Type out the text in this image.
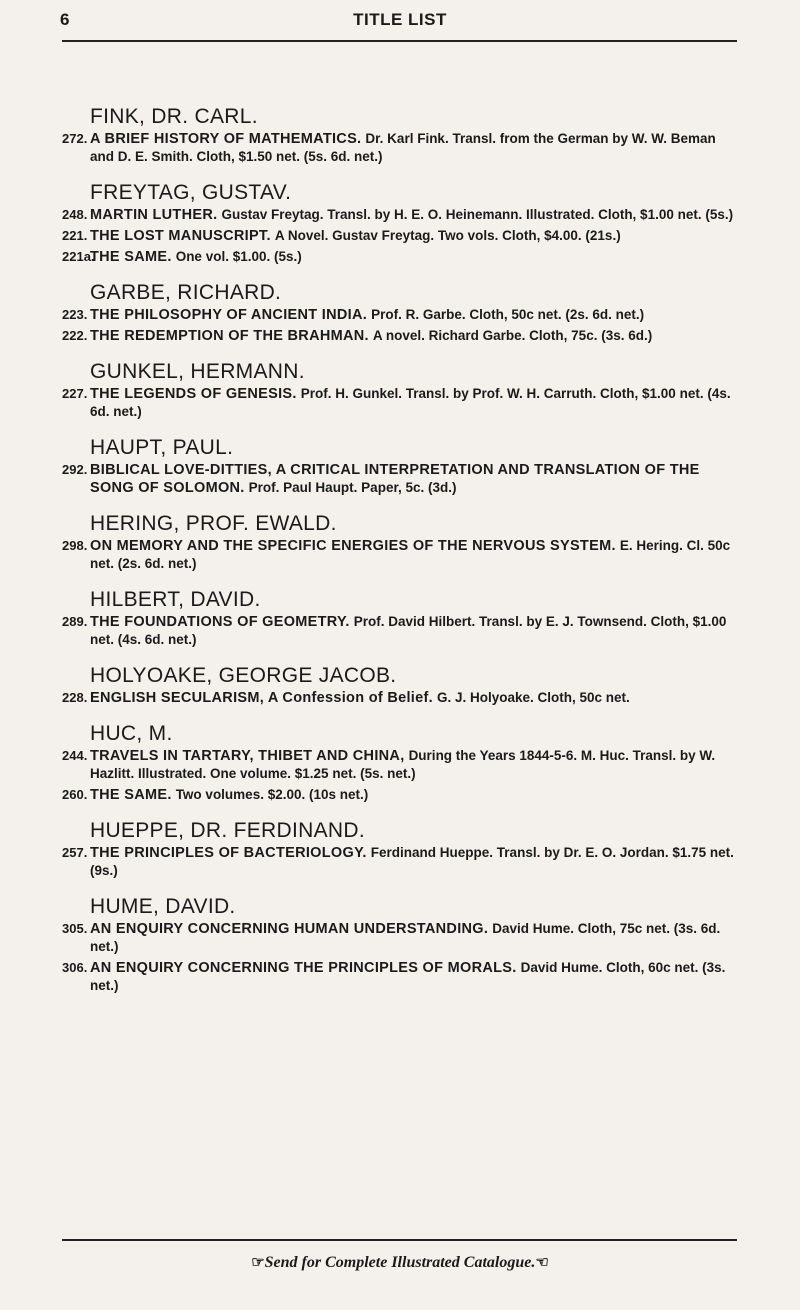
6	TITLE LIST
FINK, DR. CARL.
272. A BRIEF HISTORY OF MATHEMATICS. Dr. Karl Fink. Transl. from the German by W. W. Beman and D. E. Smith. Cloth, $1.50 net. (5s. 6d. net.)
FREYTAG, GUSTAV.
248. MARTIN LUTHER. Gustav Freytag. Transl. by H. E. O. Heinemann. Illustrated. Cloth, $1.00 net. (5s.)
221. THE LOST MANUSCRIPT. A Novel. Gustav Freytag. Two vols. Cloth, $4.00. (21s.)
221a.
THE SAME. One vol. $1.00. (5s.)
GARBE, RICHARD.
223. THE PHILOSOPHY OF ANCIENT INDIA. Prof. R. Garbe. Cloth, 50c net. (2s. 6d. net.)
222. THE REDEMPTION OF THE BRAHMAN. A novel. Richard Garbe. Cloth, 75c. (3s. 6d.)
GUNKEL, HERMANN.
227. THE LEGENDS OF GENESIS. Prof. H. Gunkel. Transl. by Prof. W. H. Carruth. Cloth, $1.00 net. (4s. 6d. net.)
HAUPT, PAUL.
292. BIBLICAL LOVE-DITTIES, A CRITICAL INTERPRETATION AND TRANSLATION OF THE SONG OF SOLOMON. Prof. Paul Haupt. Paper, 5c. (3d.)
HERING, PROF. EWALD.
298. ON MEMORY AND THE SPECIFIC ENERGIES OF THE NERVOUS SYSTEM. E. Hering. Cl. 50c net. (2s. 6d. net.)
HILBERT, DAVID.
289. THE FOUNDATIONS OF GEOMETRY. Prof. David Hilbert. Transl. by E. J. Townsend. Cloth, $1.00 net. (4s. 6d. net.)
HOLYOAKE, GEORGE JACOB.
228. ENGLISH SECULARISM, A Confession of Belief. G. J. Holyoake. Cloth, 50c net.
HUC, M.
244. TRAVELS IN TARTARY, THIBET AND CHINA, During the Years 1844-5-6. M. Huc. Transl. by W. Hazlitt. Illustrated. One volume. $1.25 net. (5s. net.)
260. THE SAME. Two volumes. $2.00. (10s net.)
HUEPPE, DR. FERDINAND.
257. THE PRINCIPLES OF BACTERIOLOGY. Ferdinand Hueppe. Transl. by Dr. E. O. Jordan. $1.75 net. (9s.)
HUME, DAVID.
305. AN ENQUIRY CONCERNING HUMAN UNDERSTANDING. David Hume. Cloth, 75c net. (3s. 6d. net.)
306. AN ENQUIRY CONCERNING THE PRINCIPLES OF MORALS. David Hume. Cloth, 60c net. (3s. net.)
☞Send for Complete Illustrated Catalogue.☜
